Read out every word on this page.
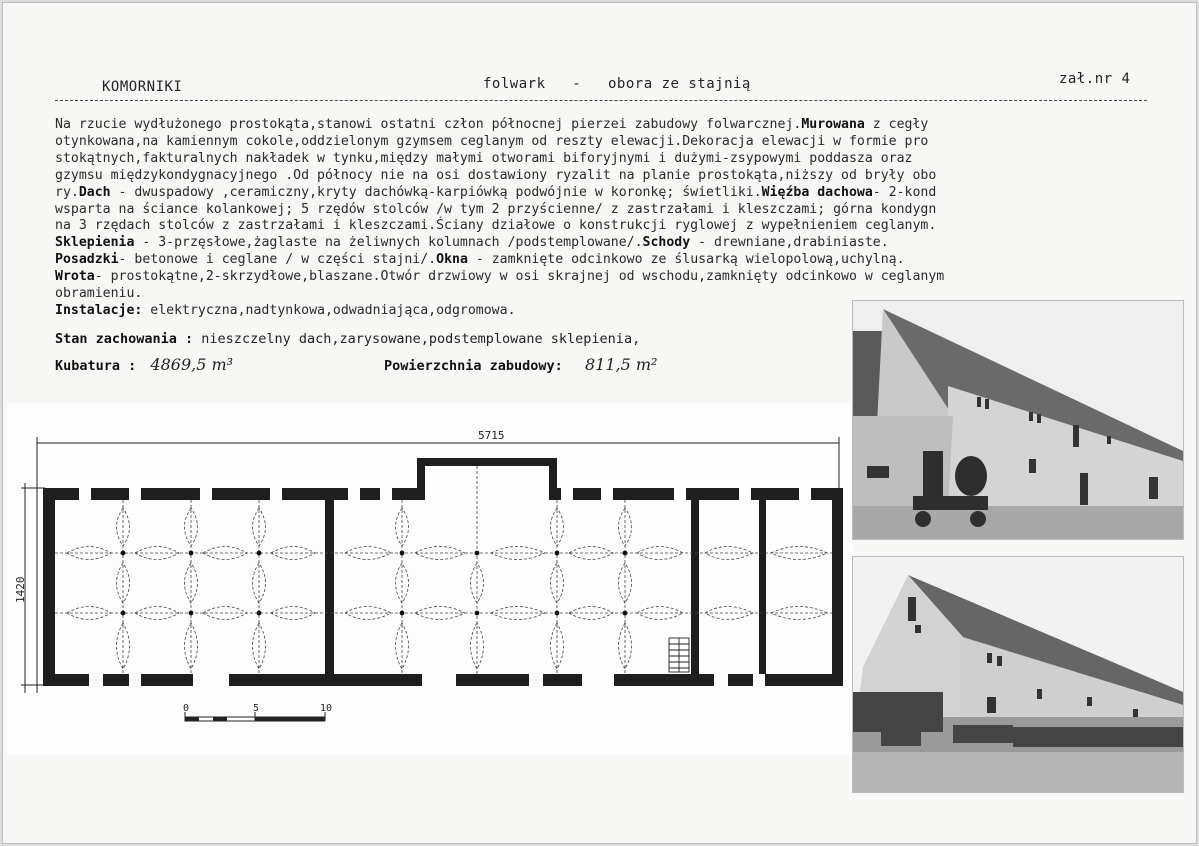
KOMORNIKI	folwark   -   obora ze stajnią	zał.nr 4

Na rzucie wydłużonego prostokąta,stanowi ostatni człon północnej pierzei zabudowy folwarcznej.Murowana z cegły

otynkowana,na kamiennym cokole,oddzielonym gzymsem ceglanym od reszty elewacji.Dekoracja elewacji w formie pro

stokątnych,fakturalnych nakładek w tynku,między małymi otworami biforyjnymi i dużymi-zsypowymi poddasza oraz

gzymsu międzykondygnacyjnego .Od północy nie na osi dostawiony ryzalit na planie prostokąta,niższy od bryły obo

ry.Dach - dwuspadowy ,ceramiczny,kryty dachówką-karpiówką podwójnie w koronkę; świetliki.Więźba dachowa- 2-kond

wsparta na ściance kolankowej; 5 rzędów stolców /w tym 2 przyścienne/ z zastrzałami i kleszczami; górna kondygn

na 3 rzędach stolców z zastrzałami i kleszczami.Ściany działowe o konstrukcji ryglowej z wypełnieniem ceglanym.

Sklepienia - 3-przęsłowe,żaglaste na żeliwnych kolumnach /podstemplowane/.Schody - drewniane,drabiniaste.

Posadzki- betonowe i ceglane / w części stajni/.Okna - zamknięte odcinkowo ze ślusarką wielopolową,uchylną.

Wrota- prostokątne,2-skrzydłowe,blaszane.Otwór drzwiowy w osi skrajnej od wschodu,zamknięty odcinkowo w ceglanym

obramieniu.

Instalacje: elektryczna,nadtynkowa,odwadniająca,odgromowa.

Stan zachowania : nieszczelny dach,zarysowane,podstemplowane sklepienia,
Kubatura : 4869,5 m³	Powierzchnia zabudowy: 811,5 m²
5715
1420
0	5	10
